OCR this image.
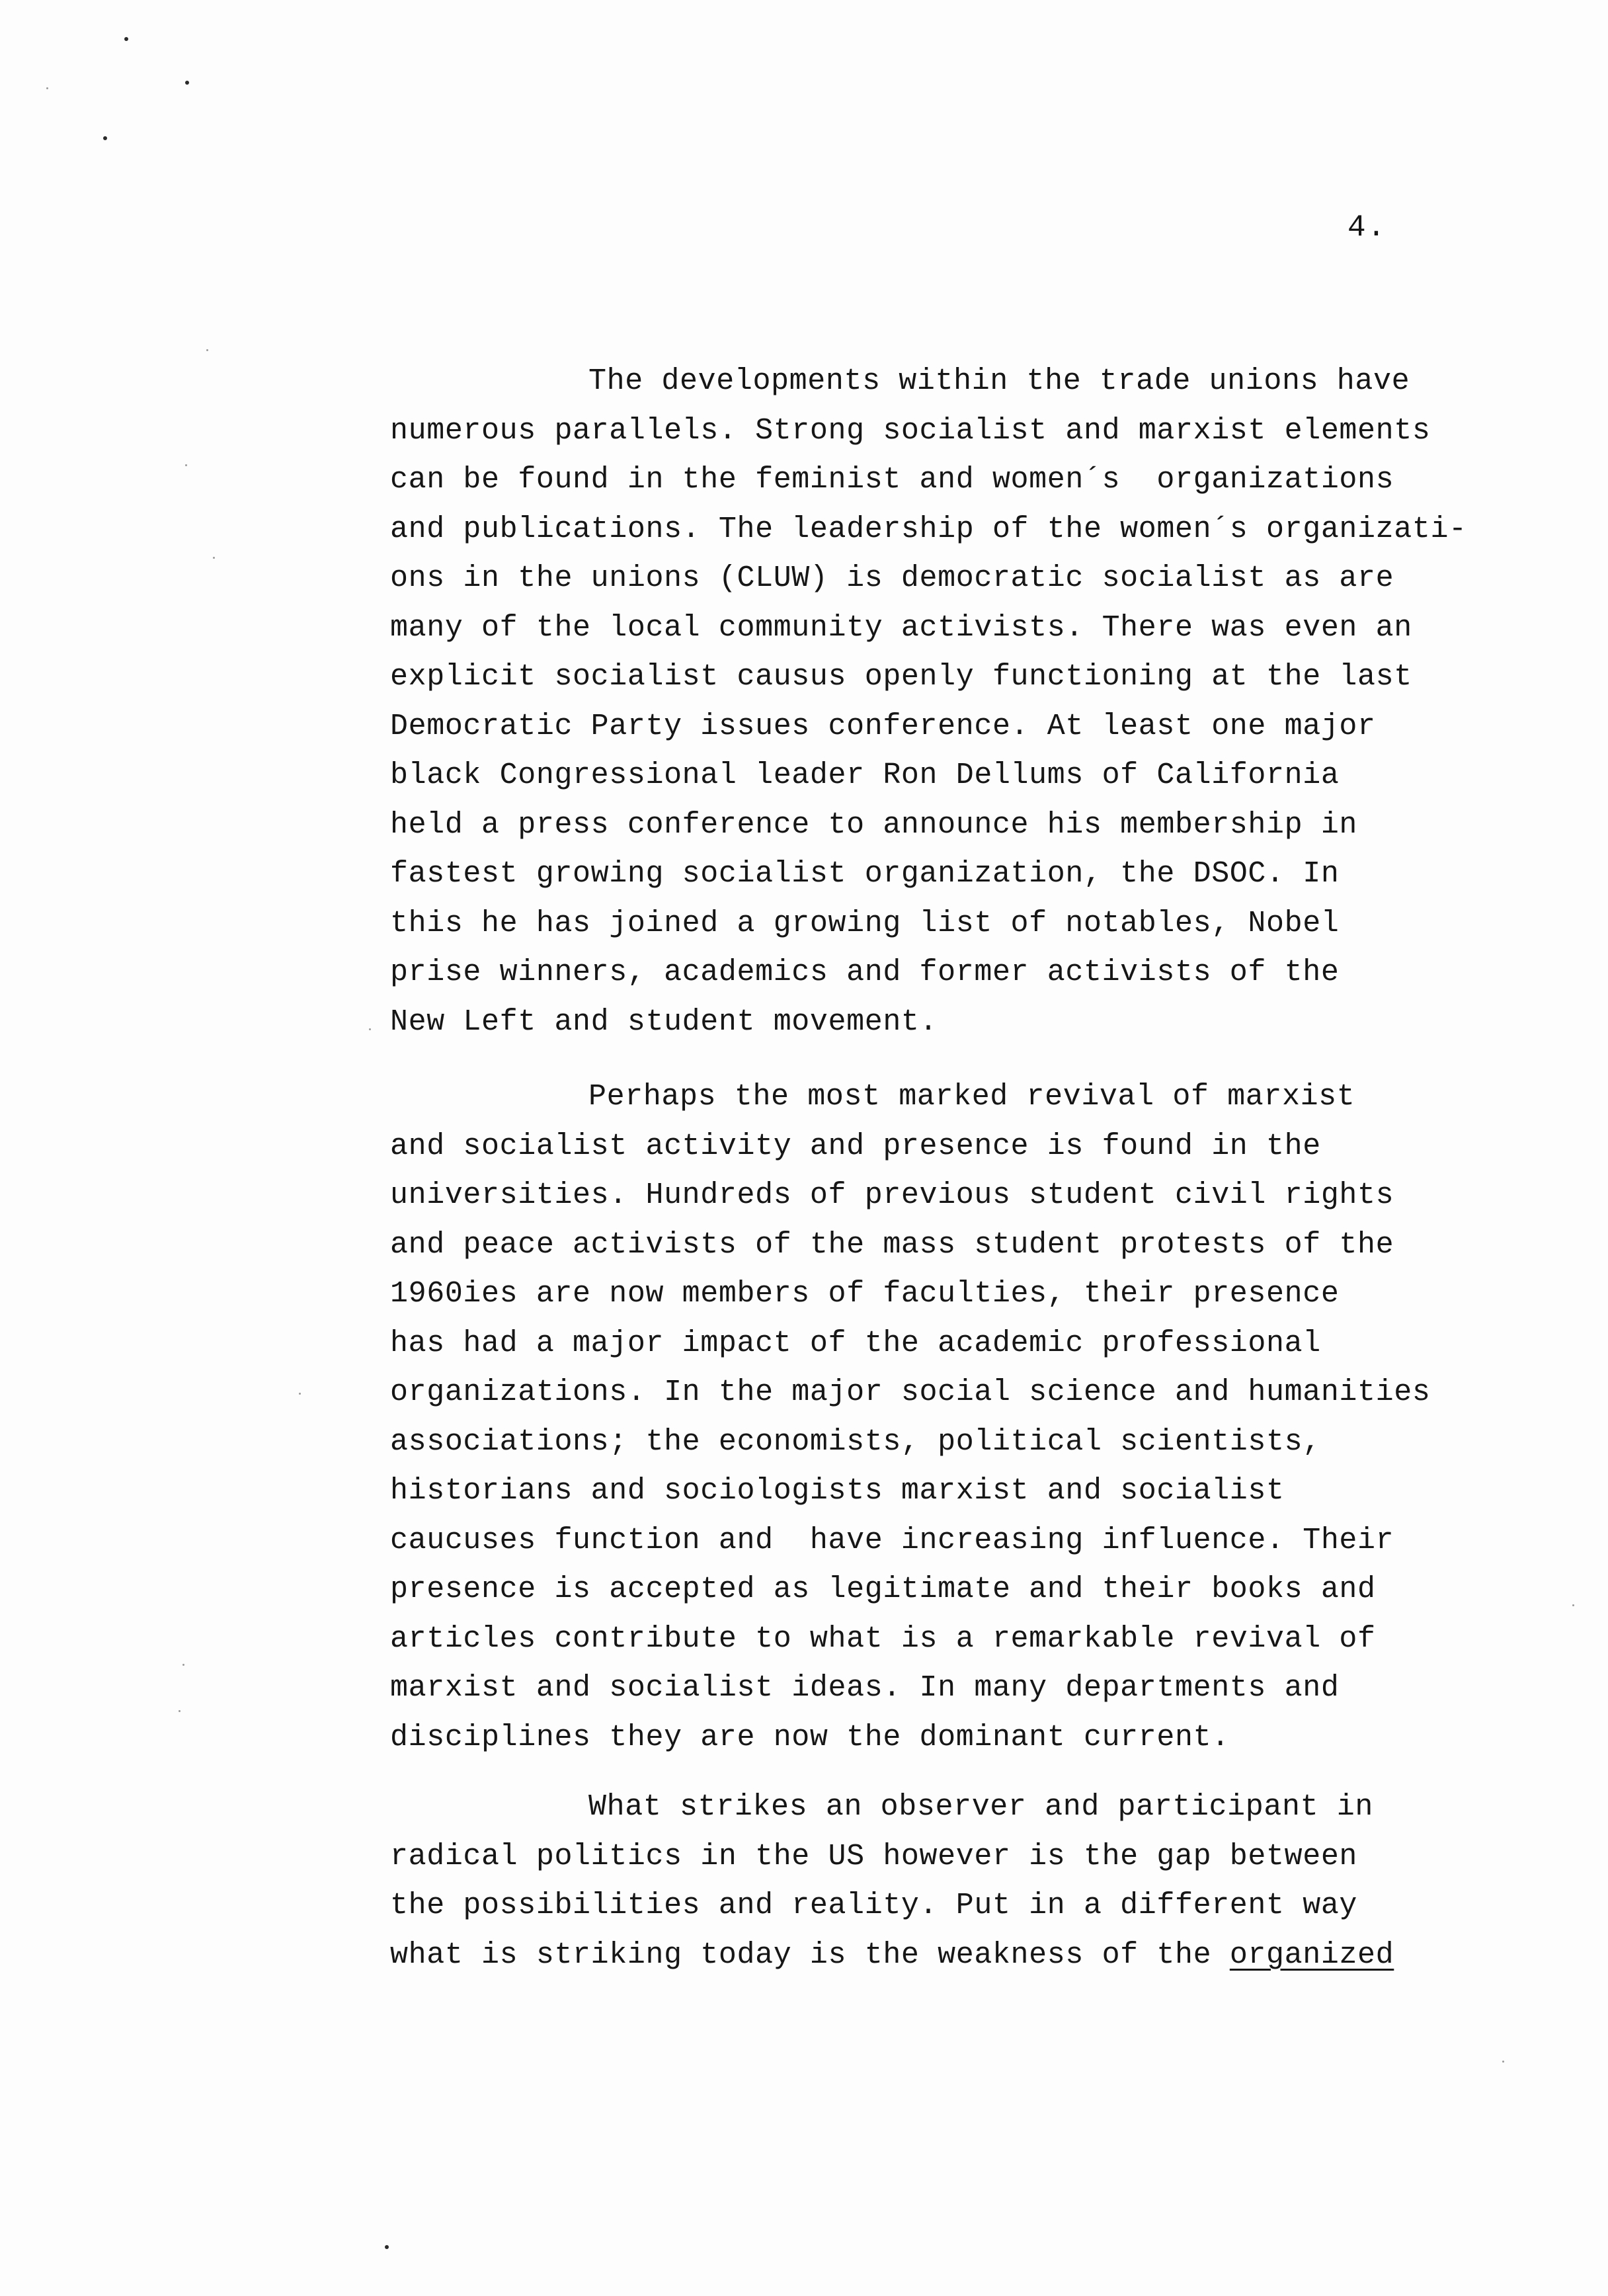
4.

The developments within the trade unions have
numerous parallels. Strong socialist and marxist elements
can be found in the feminist and women´s  organizations
and publications. The leadership of the women´s organizati-
ons in the unions (CLUW) is democratic socialist as are
many of the local community activists. There was even an
explicit socialist causus openly functioning at the last
Democratic Party issues conference. At least one major
black Congressional leader Ron Dellums of California
held a press conference to announce his membership in
fastest growing socialist organization, the DSOC. In
this he has joined a growing list of notables, Nobel
prise winners, academics and former activists of the
New Left and student movement.

Perhaps the most marked revival of marxist
and socialist activity and presence is found in the
universities. Hundreds of previous student civil rights
and peace activists of the mass student protests of the
1960ies are now members of faculties, their presence
has had a major impact of the academic professional
organizations. In the major social science and humanities
associations; the economists, political scientists,
historians and sociologists marxist and socialist
caucuses function and  have increasing influence. Their
presence is accepted as legitimate and their books and
articles contribute to what is a remarkable revival of
marxist and socialist ideas. In many departments and
disciplines they are now the dominant current.

What strikes an observer and participant in
radical politics in the US however is the gap between
the possibilities and reality. Put in a different way
what is striking today is the weakness of the organized
